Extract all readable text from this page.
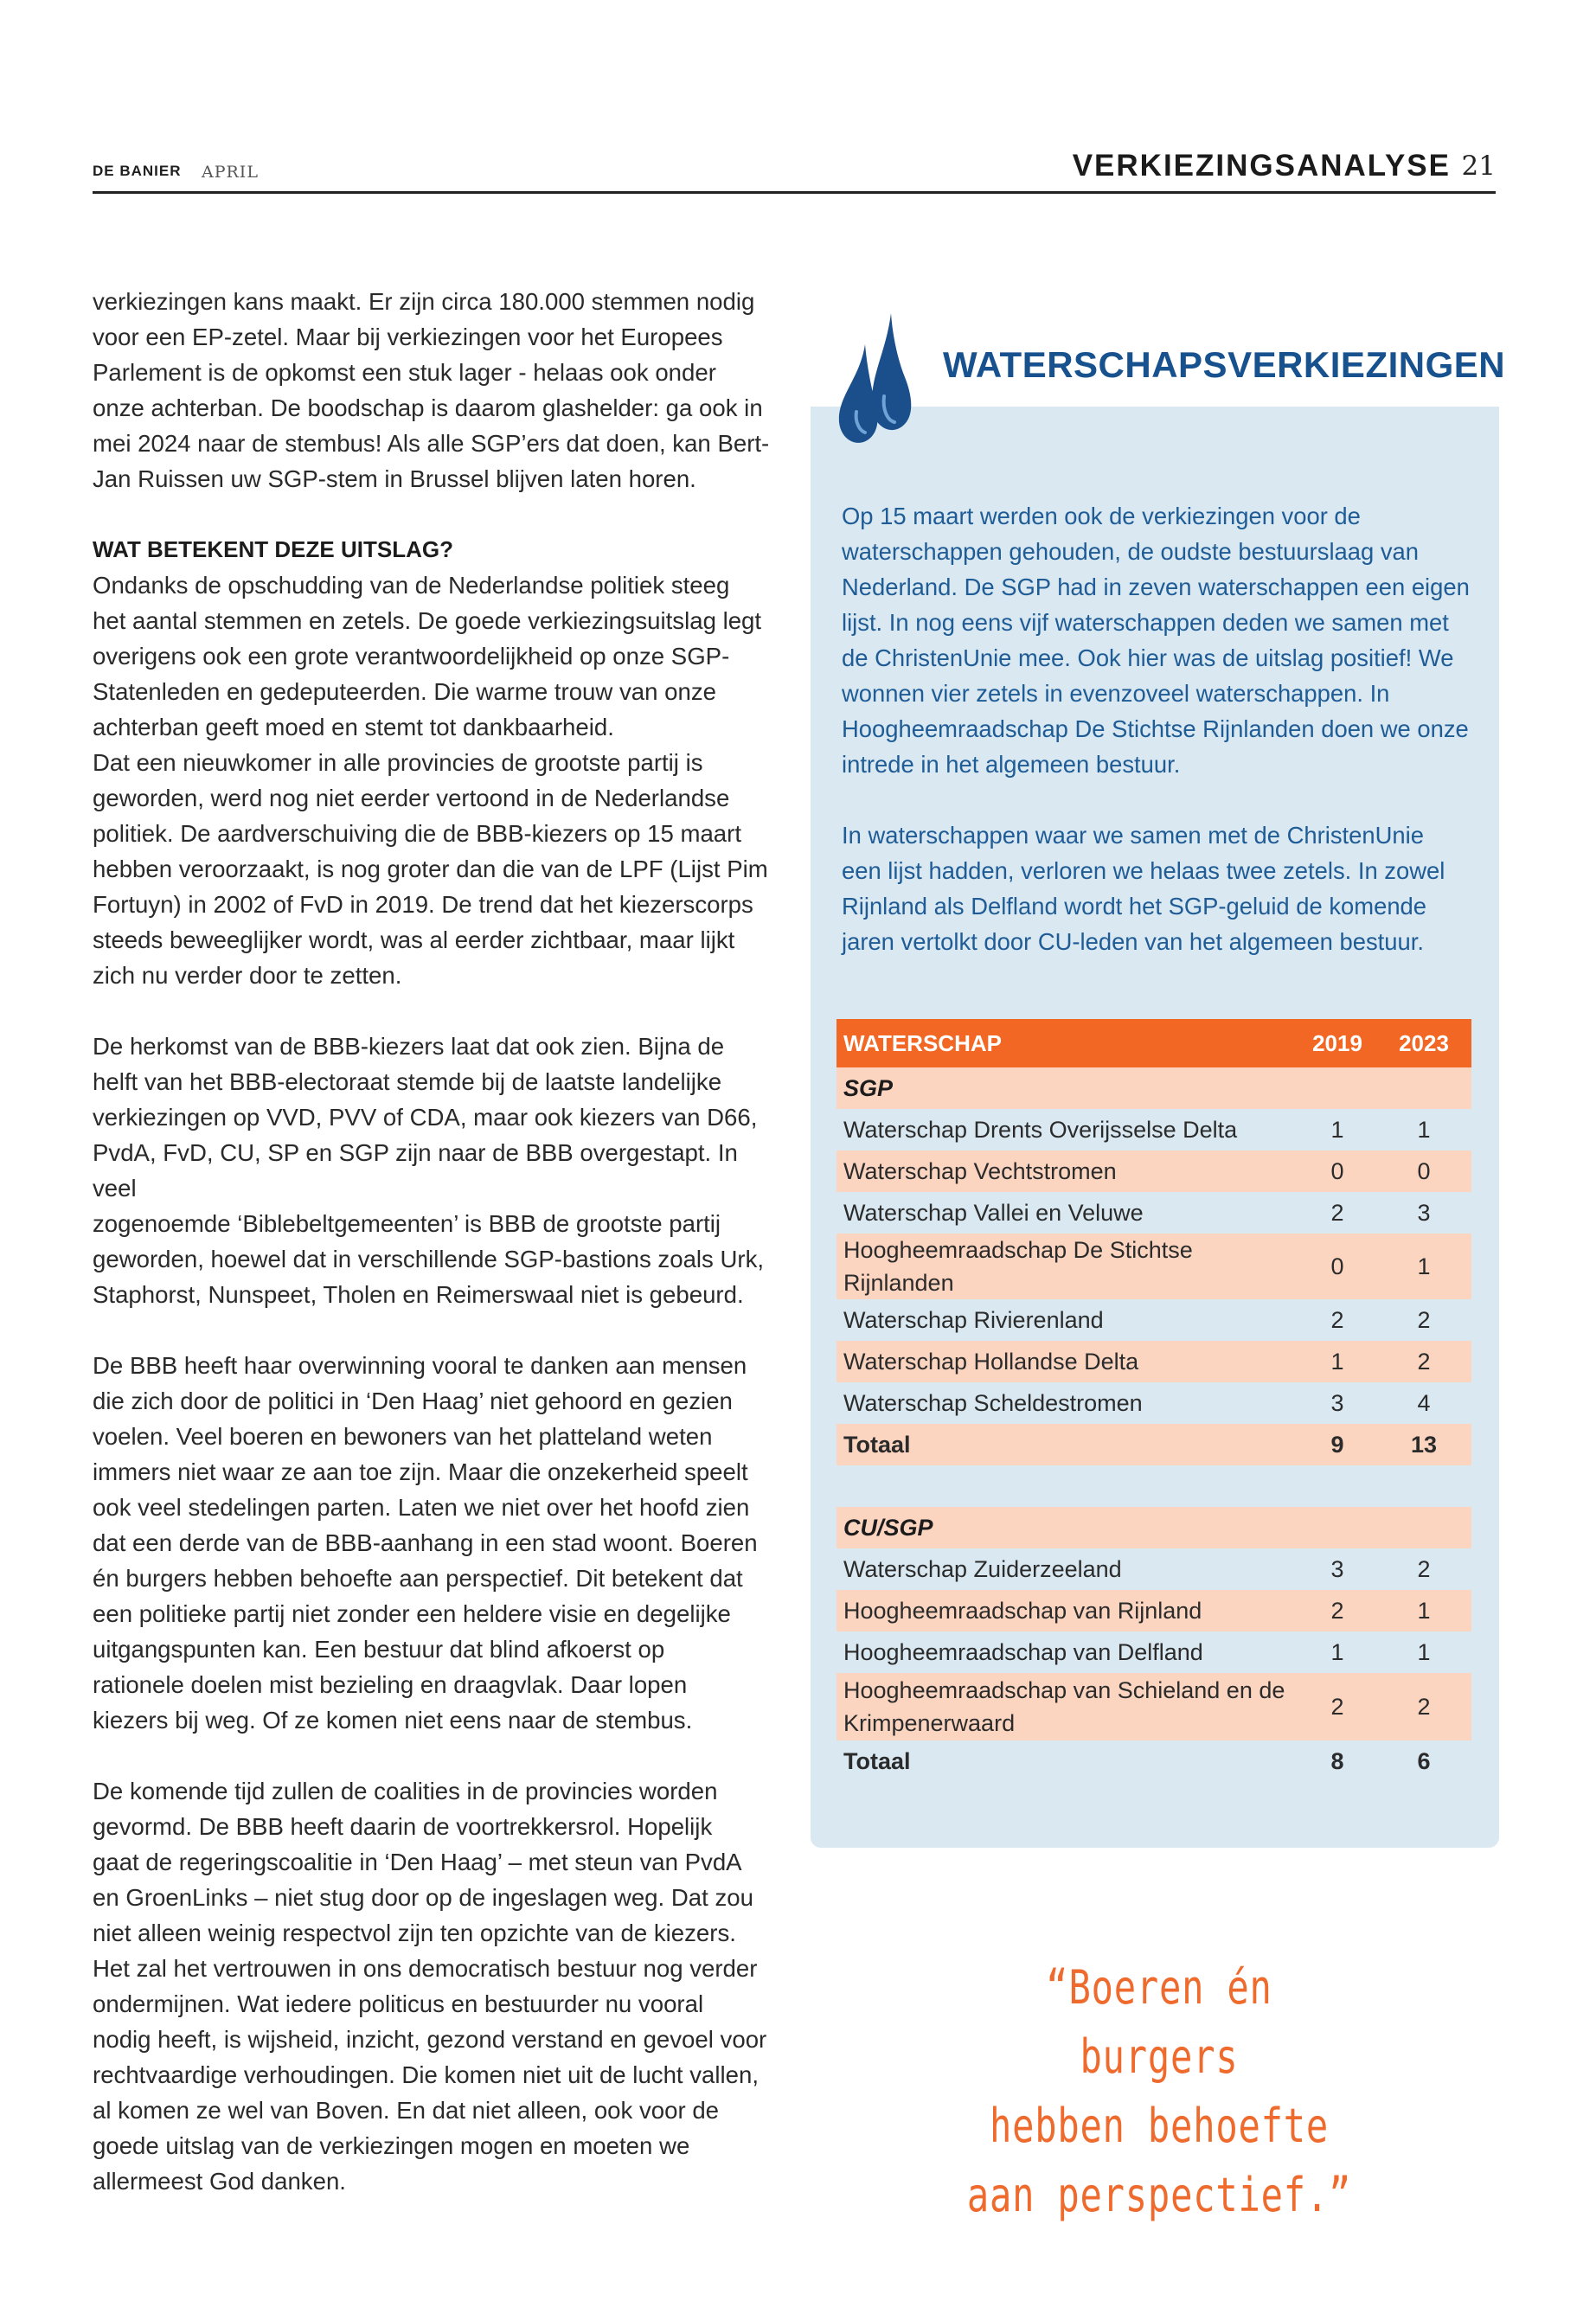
DE BANIER APRIL	VERKIEZINGSANALYSE 21
verkiezingen kans maakt. Er zijn circa 180.000 stemmen nodig
voor een EP-zetel. Maar bij verkiezingen voor het Europees
Parlement is de opkomst een stuk lager - helaas ook onder
onze achterban. De boodschap is daarom glashelder: ga ook in
mei 2024 naar de stembus! Als alle SGP’ers dat doen, kan Bert-
Jan Ruissen uw SGP-stem in Brussel blijven laten horen.
WAT BETEKENT DEZE UITSLAG?
Ondanks de opschudding van de Nederlandse politiek steeg
het aantal stemmen en zetels. De goede verkiezingsuitslag legt
overigens ook een grote verantwoordelijkheid op onze SGP-
Statenleden en gedeputeerden. Die warme trouw van onze
achterban geeft moed en stemt tot dankbaarheid.
Dat een nieuwkomer in alle provincies de grootste partij is
geworden, werd nog niet eerder vertoond in de Nederlandse
politiek. De aardverschuiving die de BBB-kiezers op 15 maart
hebben veroorzaakt, is nog groter dan die van de LPF (Lijst Pim
Fortuyn) in 2002 of FvD in 2019. De trend dat het kiezerscorps
steeds beweeglijker wordt, was al eerder zichtbaar, maar lijkt
zich nu verder door te zetten.
De herkomst van de BBB-kiezers laat dat ook zien. Bijna de
helft van het BBB-electoraat stemde bij de laatste landelijke
verkiezingen op VVD, PVV of CDA, maar ook kiezers van D66,
PvdA, FvD, CU, SP en SGP zijn naar de BBB overgestapt. In veel
zogenoemde ‘Biblebeltgemeenten’ is BBB de grootste partij
geworden, hoewel dat in verschillende SGP-bastions zoals Urk,
Staphorst, Nunspeet, Tholen en Reimerswaal niet is gebeurd.
De BBB heeft haar overwinning vooral te danken aan mensen
die zich door de politici in ‘Den Haag’ niet gehoord en gezien
voelen. Veel boeren en bewoners van het platteland weten
immers niet waar ze aan toe zijn. Maar die onzekerheid speelt
ook veel stedelingen parten. Laten we niet over het hoofd zien
dat een derde van de BBB-aanhang in een stad woont. Boeren
én burgers hebben behoefte aan perspectief. Dit betekent dat
een politieke partij niet zonder een heldere visie en degelijke
uitgangspunten kan. Een bestuur dat blind afkoerst op
rationele doelen mist bezieling en draagvlak. Daar lopen
kiezers bij weg. Of ze komen niet eens naar de stembus.
De komende tijd zullen de coalities in de provincies worden
gevormd. De BBB heeft daarin de voortrekkersrol. Hopelijk
gaat de regeringscoalitie in ‘Den Haag’ – met steun van PvdA
en GroenLinks – niet stug door op de ingeslagen weg. Dat zou
niet alleen weinig respectvol zijn ten opzichte van de kiezers.
Het zal het vertrouwen in ons democratisch bestuur nog verder
ondermijnen. Wat iedere politicus en bestuurder nu vooral
nodig heeft, is wijsheid, inzicht, gezond verstand en gevoel voor
rechtvaardige verhoudingen. Die komen niet uit de lucht vallen,
al komen ze wel van Boven. En dat niet alleen, ook voor de
goede uitslag van de verkiezingen mogen en moeten we
allermeest God danken.
WATERSCHAPSVERKIEZINGEN
Op 15 maart werden ook de verkiezingen voor de
waterschappen gehouden, de oudste bestuurslaag van
Nederland. De SGP had in zeven waterschappen een eigen
lijst. In nog eens vijf waterschappen deden we samen met
de ChristenUnie mee. Ook hier was de uitslag positief! We
wonnen vier zetels in evenzoveel waterschappen. In
Hoogheemraadschap De Stichtse Rijnlanden doen we onze
intrede in het algemeen bestuur.
In waterschappen waar we samen met de ChristenUnie
een lijst hadden, verloren we helaas twee zetels. In zowel
Rijnland als Delfland wordt het SGP-geluid de komende
jaren vertolkt door CU-leden van het algemeen bestuur.
WATERSCHAP	2019	2023
SGP
Waterschap Drents Overijsselse Delta	1	1
Waterschap Vechtstromen	0	0
Waterschap Vallei en Veluwe	2	3
Hoogheemraadschap De Stichtse Rijnlanden
0	1
Waterschap Rivierenland	2	2
Waterschap Hollandse Delta	1	2
Waterschap Scheldestromen	3	4
Totaal	9	13
CU/SGP
Waterschap Zuiderzeeland	3	2
Hoogheemraadschap van Rijnland	2	1
Hoogheemraadschap van Delfland	1	1
Hoogheemraadschap van Schieland en de Krimpenerwaard
2	2
Totaal	8	6
“Boeren én burgers
hebben behoefte
aan perspectief.”
